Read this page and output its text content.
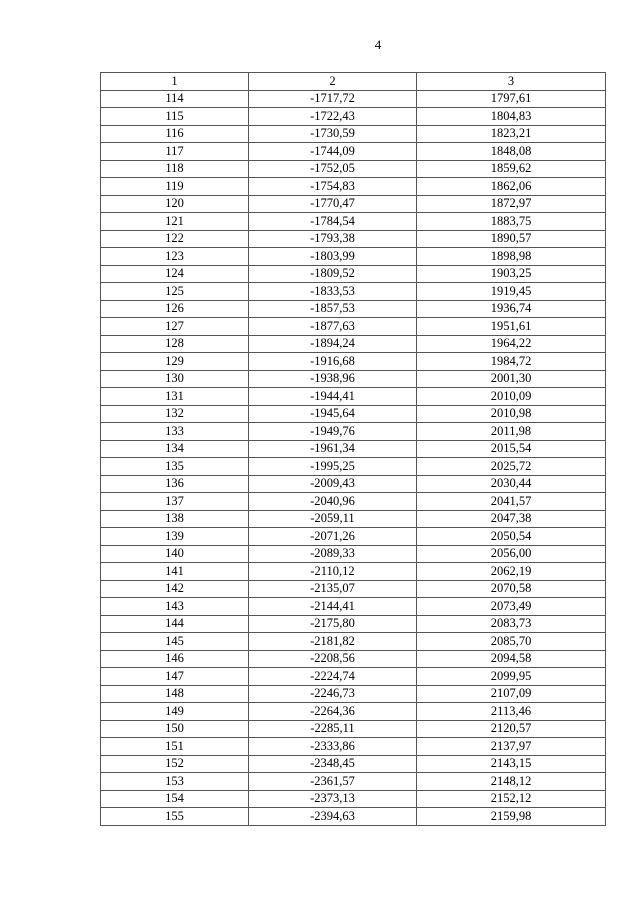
4
1	2	3
114	-1717,72	1797,61
115	-1722,43	1804,83
116	-1730,59	1823,21
117	-1744,09	1848,08
118	-1752,05	1859,62
119	-1754,83	1862,06
120	-1770,47	1872,97
121	-1784,54	1883,75
122	-1793,38	1890,57
123	-1803,99	1898,98
124	-1809,52	1903,25
125	-1833,53	1919,45
126	-1857,53	1936,74
127	-1877,63	1951,61
128	-1894,24	1964,22
129	-1916,68	1984,72
130	-1938,96	2001,30
131	-1944,41	2010,09
132	-1945,64	2010,98
133	-1949,76	2011,98
134	-1961,34	2015,54
135	-1995,25	2025,72
136	-2009,43	2030,44
137	-2040,96	2041,57
138	-2059,11	2047,38
139	-2071,26	2050,54
140	-2089,33	2056,00
141	-2110,12	2062,19
142	-2135,07	2070,58
143	-2144,41	2073,49
144	-2175,80	2083,73
145	-2181,82	2085,70
146	-2208,56	2094,58
147	-2224,74	2099,95
148	-2246,73	2107,09
149	-2264,36	2113,46
150	-2285,11	2120,57
151	-2333,86	2137,97
152	-2348,45	2143,15
153	-2361,57	2148,12
154	-2373,13	2152,12
155	-2394,63	2159,98
